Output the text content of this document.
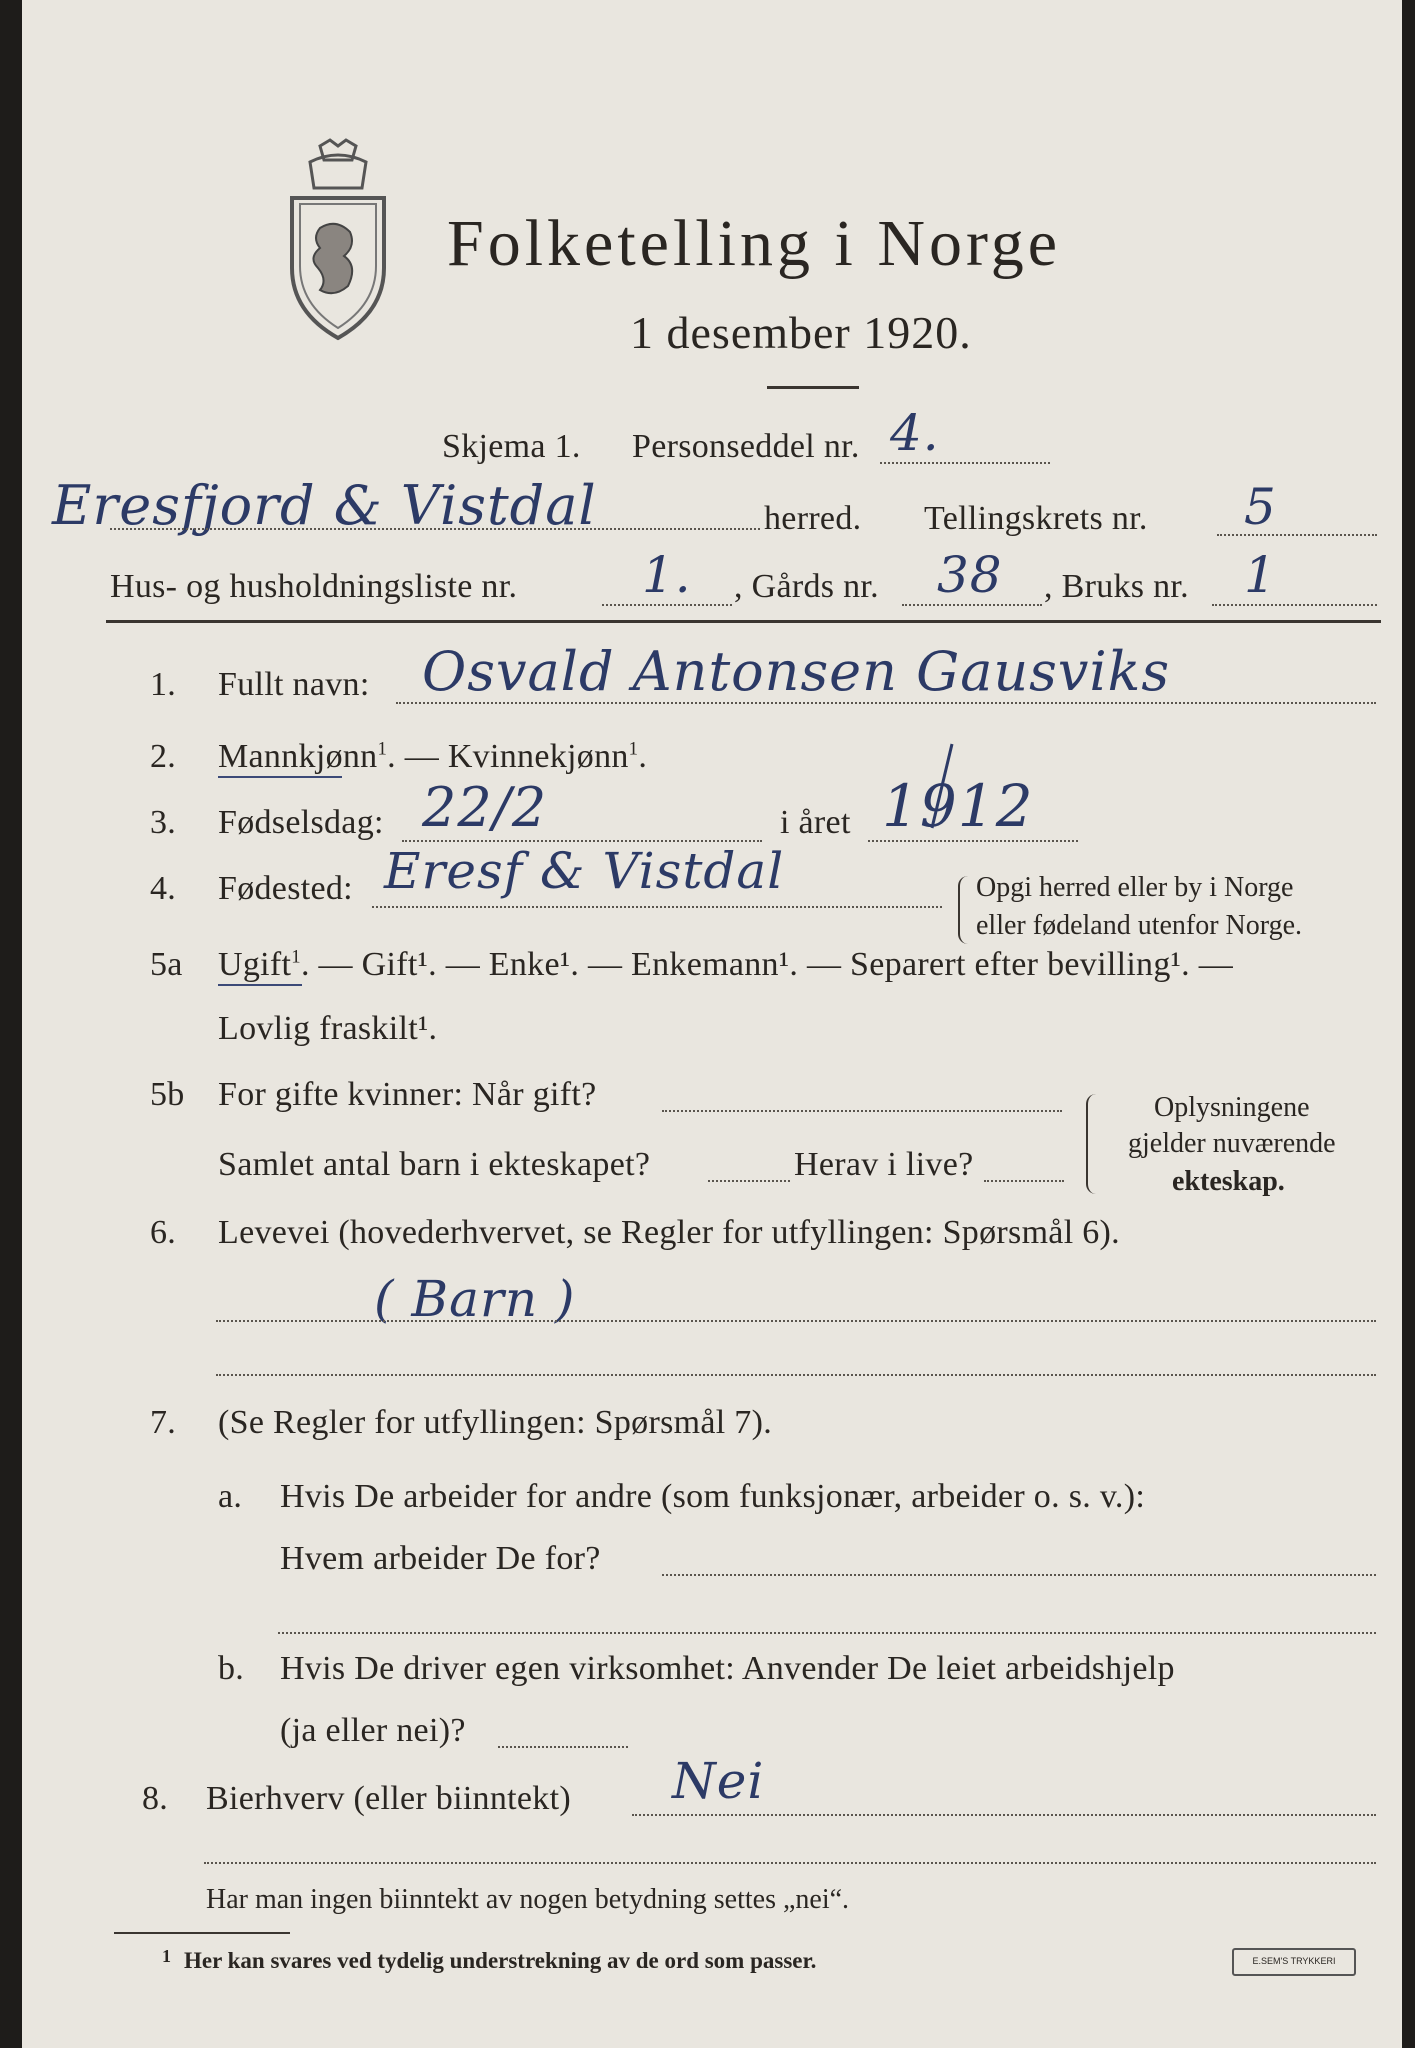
Folketelling i Norge
1 desember 1920.
Skjema 1. Personseddel nr. 4.
Eresfjord & Vistdal	herred. Tellingskrets nr. 5
Hus- og husholdningsliste nr. 1. , Gårds nr. 38 , Bruks nr. 1
1. Fullt navn: Osvald Antonsen Gausviks
2. Mannkjønn$^1$. — Kvinnekjønn$^1$.
3. Fødselsdag: 22/2	i året 1912
4. Fødested: Eresf & Vistdal	Opgi herred eller by i Norge
eller fødeland utenfor Norge.
5a Ugift$^1$. — Gift¹. — Enke¹. — Enkemann¹. — Separert efter bevilling¹. —
Lovlig fraskilt¹.
5b For gifte kvinner: Når gift?
Samlet antal barn i ekteskapet?	Herav i live?
Oplysningene
gjelder nuværende
ekteskap.
6. Levevei (hovederhvervet, se Regler for utfyllingen: Spørsmål 6).
( Barn )
7. (Se Regler for utfyllingen: Spørsmål 7).
a. Hvis De arbeider for andre (som funksjonær, arbeider o. s. v.):
Hvem arbeider De for?
b. Hvis De driver egen virksomhet: Anvender De leiet arbeidshjelp
(ja eller nei)?
8. Bierhverv (eller biinntekt) Nei
Har man ingen biinntekt av nogen betydning settes „nei“.
1 Her kan svares ved tydelig understrekning av de ord som passer.	E.SEM'S TRYKKERI
